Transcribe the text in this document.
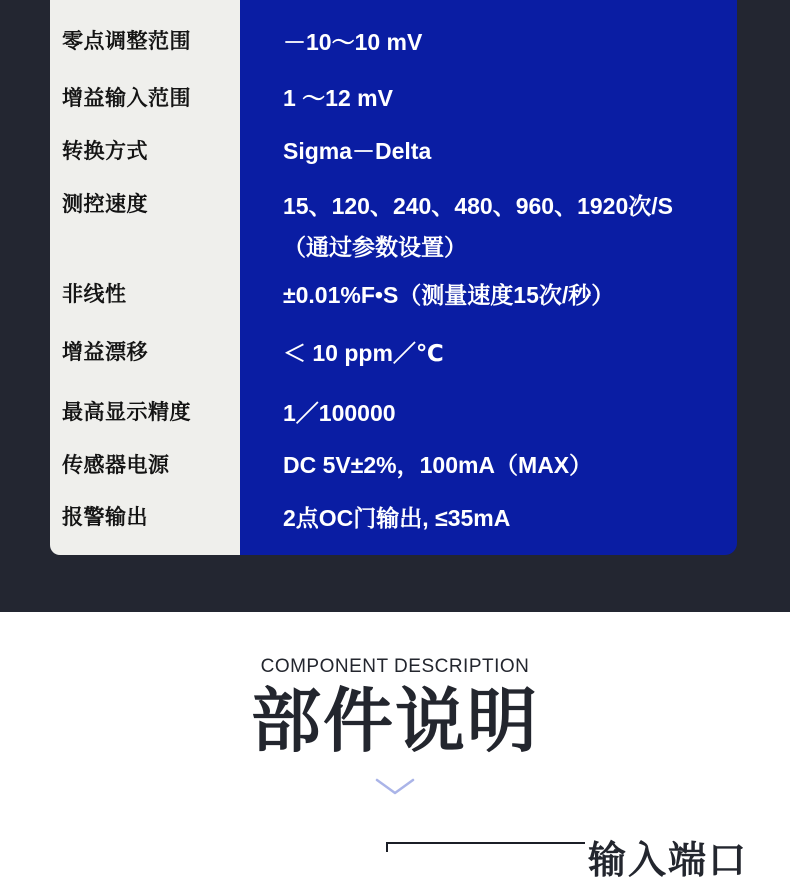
零点调整范围	－10～10 mV
增益输入范围	1 ～12 mV
转换方式	Sigma－Delta
测控速度	15、120、240、480、960、1920次/S
（通过参数设置）
非线性	±0.01%F•S（测量速度15次/秒）
增益漂移	＜ 10 ppm／℃
最高显示精度	1／100000
传感器电源	DC 5V±2%，100mA（MAX）
报警输出	2点OC门输出, ≤35mA
COMPONENT DESCRIPTION
部件说明
输入端口
